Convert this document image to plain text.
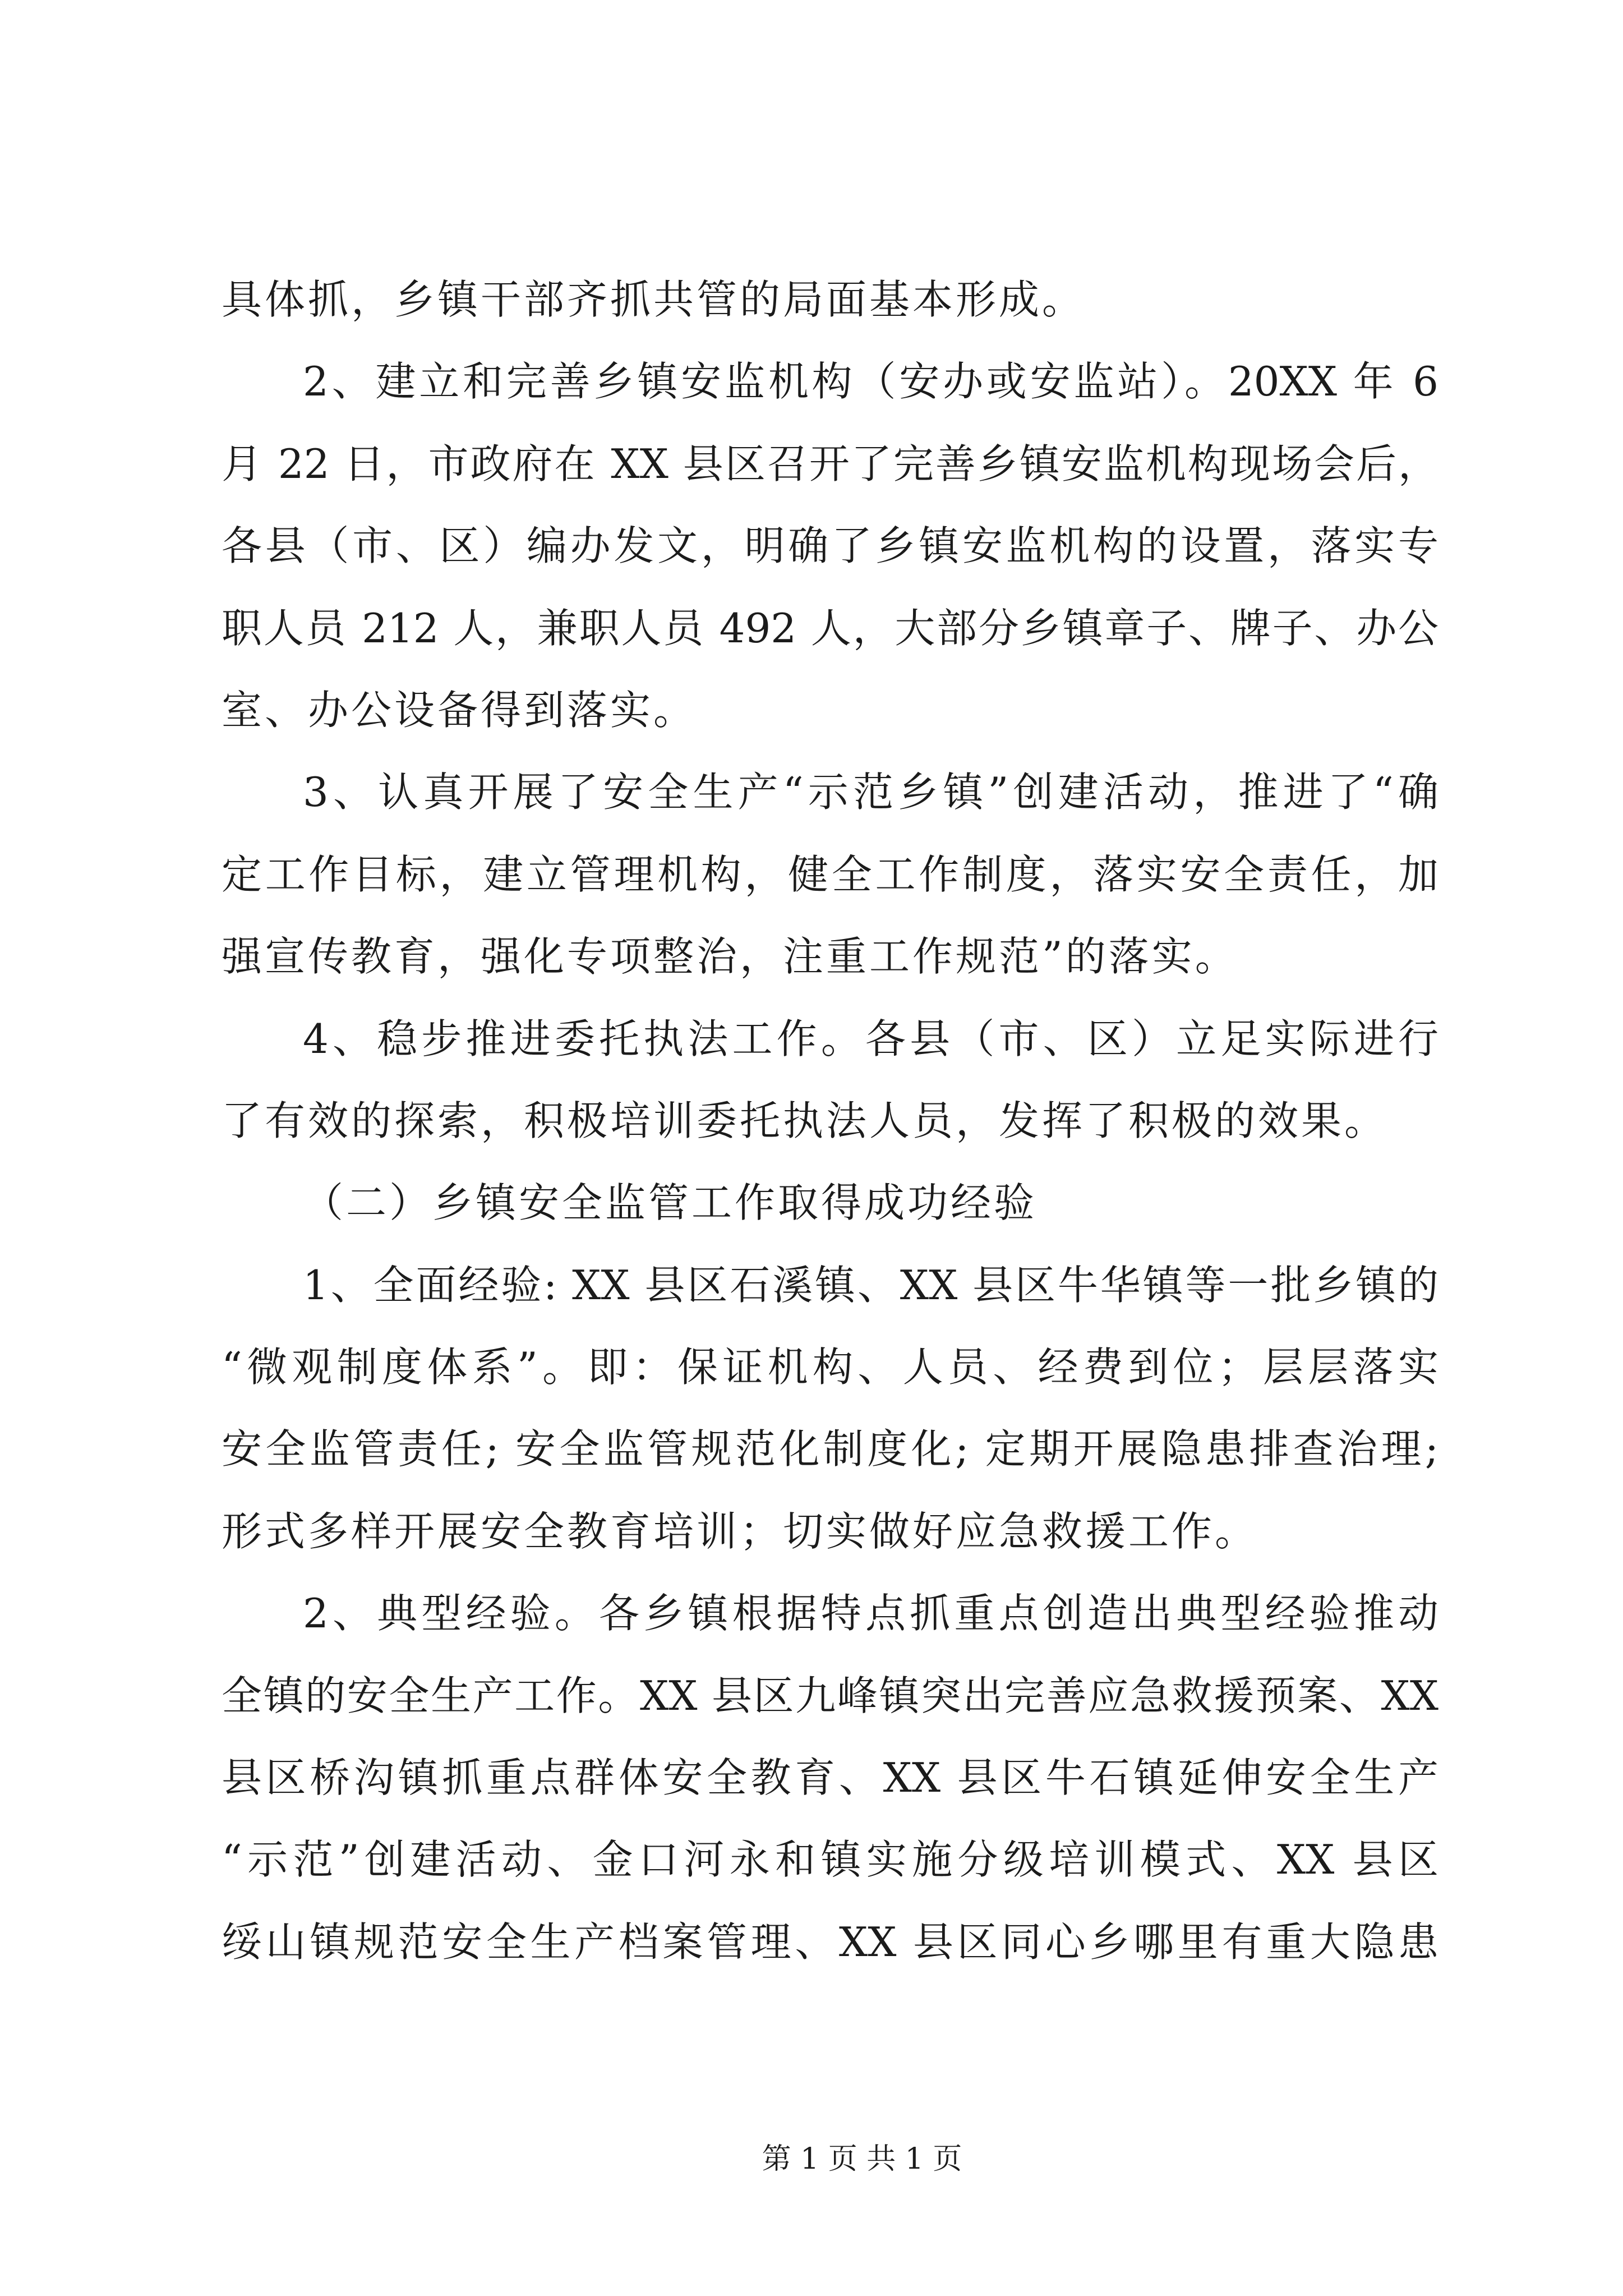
具体抓，乡镇干部齐抓共管的局面基本形成。
2、建立和完善乡镇安监机构（安办或安监站）。20XX 年 6
月 22 日，市政府在 XX 县区召开了完善乡镇安监机构现场会后，
各县（市、区）编办发文，明确了乡镇安监机构的设置，落实专
职人员 212 人，兼职人员 492 人，大部分乡镇章子、牌子、办公
室、办公设备得到落实。
3、认真开展了安全生产“示范乡镇”创建活动，推进了“确
定工作目标，建立管理机构，健全工作制度，落实安全责任，加
强宣传教育，强化专项整治，注重工作规范”的落实。
4、稳步推进委托执法工作。各县（市、区）立足实际进行
了有效的探索，积极培训委托执法人员，发挥了积极的效果。
（二）乡镇安全监管工作取得成功经验
1、全面经验: XX 县区石溪镇、XX 县区牛华镇等一批乡镇的
“微观制度体系”。即：保证机构、人员、经费到位；层层落实
安全监管责任; 安全监管规范化制度化; 定期开展隐患排查治理;
形式多样开展安全教育培训；切实做好应急救援工作。
2、典型经验。各乡镇根据特点抓重点创造出典型经验推动
全镇的安全生产工作。XX 县区九峰镇突出完善应急救援预案、XX
县区桥沟镇抓重点群体安全教育、XX 县区牛石镇延伸安全生产
“示范”创建活动、金口河永和镇实施分级培训模式、XX 县区
绥山镇规范安全生产档案管理、XX 县区同心乡哪里有重大隐患
第 1 页 共 1 页
